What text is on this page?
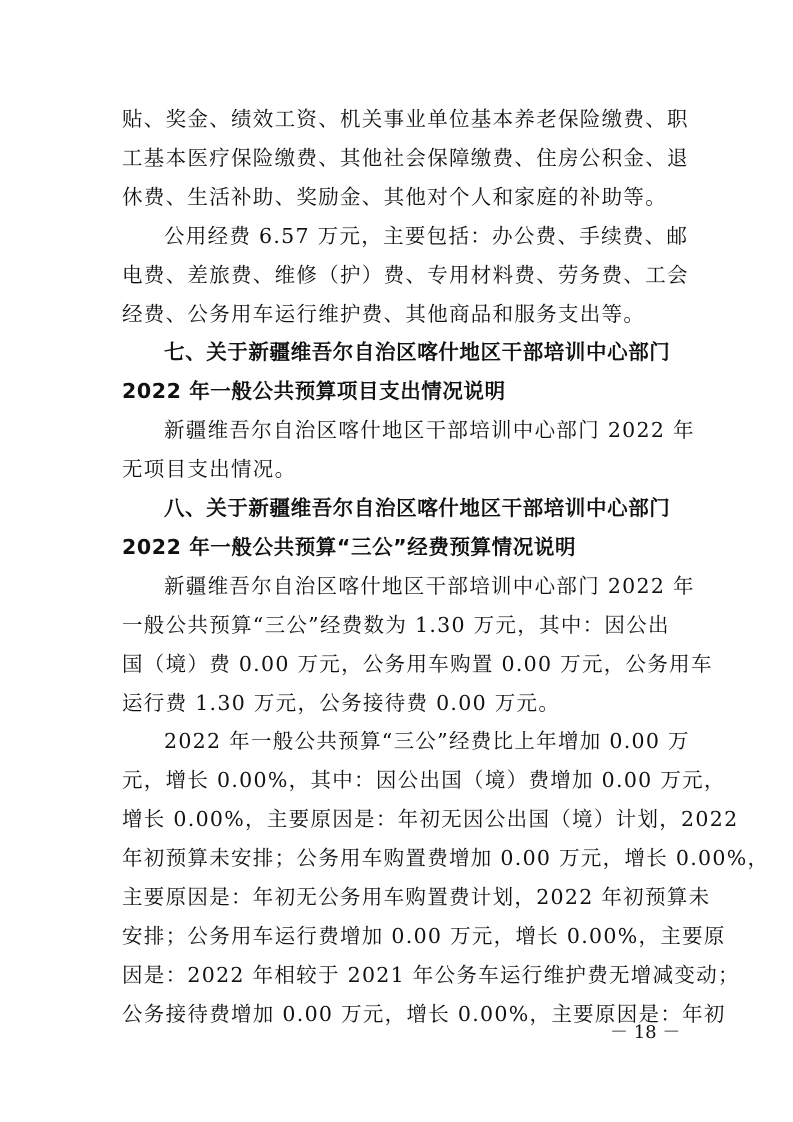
贴、奖金、绩效工资、机关事业单位基本养老保险缴费、职
工基本医疗保险缴费、其他社会保障缴费、住房公积金、退
休费、生活补助、奖励金、其他对个人和家庭的补助等。
公用经费 6.57 万元，主要包括：办公费、手续费、邮
电费、差旅费、维修（护）费、专用材料费、劳务费、工会
经费、公务用车运行维护费、其他商品和服务支出等。
七、关于新疆维吾尔自治区喀什地区干部培训中心部门
2022 年一般公共预算项目支出情况说明
新疆维吾尔自治区喀什地区干部培训中心部门 2022 年
无项目支出情况。
八、关于新疆维吾尔自治区喀什地区干部培训中心部门
2022 年一般公共预算“三公”经费预算情况说明
新疆维吾尔自治区喀什地区干部培训中心部门 2022 年
一般公共预算“三公”经费数为 1.30 万元，其中：因公出
国（境）费 0.00 万元，公务用车购置 0.00 万元，公务用车
运行费 1.30 万元，公务接待费 0.00 万元。
2022 年一般公共预算“三公”经费比上年增加 0.00 万
元，增长 0.00%，其中：因公出国（境）费增加 0.00 万元，
增长 0.00%，主要原因是：年初无因公出国（境）计划，2022
年初预算未安排；公务用车购置费增加 0.00 万元，增长 0.00%，
主要原因是：年初无公务用车购置费计划，2022 年初预算未
安排；公务用车运行费增加 0.00 万元，增长 0.00%，主要原
因是：2022 年相较于 2021 年公务车运行维护费无增减变动；
公务接待费增加 0.00 万元，增长 0.00%，主要原因是：年初
－ 18 －
